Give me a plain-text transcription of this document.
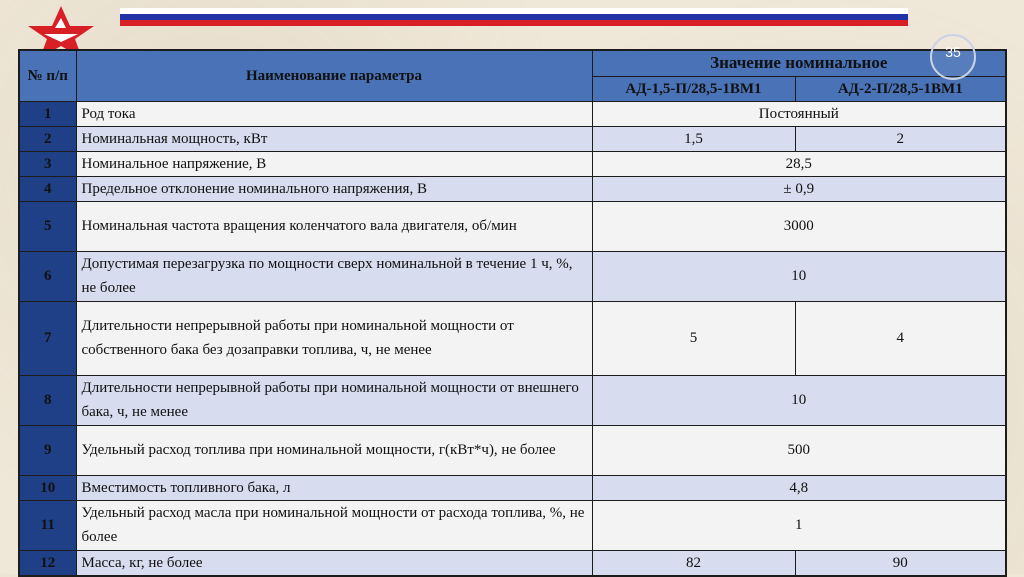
№ п/п	Наименование параметра	Значение номинальное	
		АД-1,5-П/28,5-1ВМ1	АД-2-П/28,5-1ВМ1
1	Род тока	Постоянный	
2	Номинальная мощность, кВт	1,5	2
3	Номинальное напряжение, В	28,5	
4	Предельное отклонение номинального напряжения, В	± 0,9	
5	Номинальная частота вращения коленчатого вала двигателя, об/мин	3000	
6	Допустимая перезагрузка по мощности сверх номинальной в течение 1 ч, %, не более	10	
7	Длительности непрерывной работы при номинальной мощности от собственного бака без дозаправки топлива, ч, не менее	5	4
8	Длительности непрерывной работы при номинальной мощности от внешнего бака, ч, не менее	10	
9	Удельный расход топлива при номинальной мощности, г(кВт*ч), не более	500	
10	Вместимость топливного бака, л	4,8	
11	Удельный расход масла при номинальной мощности от расхода топлива, %, не более	1	
12	Масса, кг, не более	82	90
35
